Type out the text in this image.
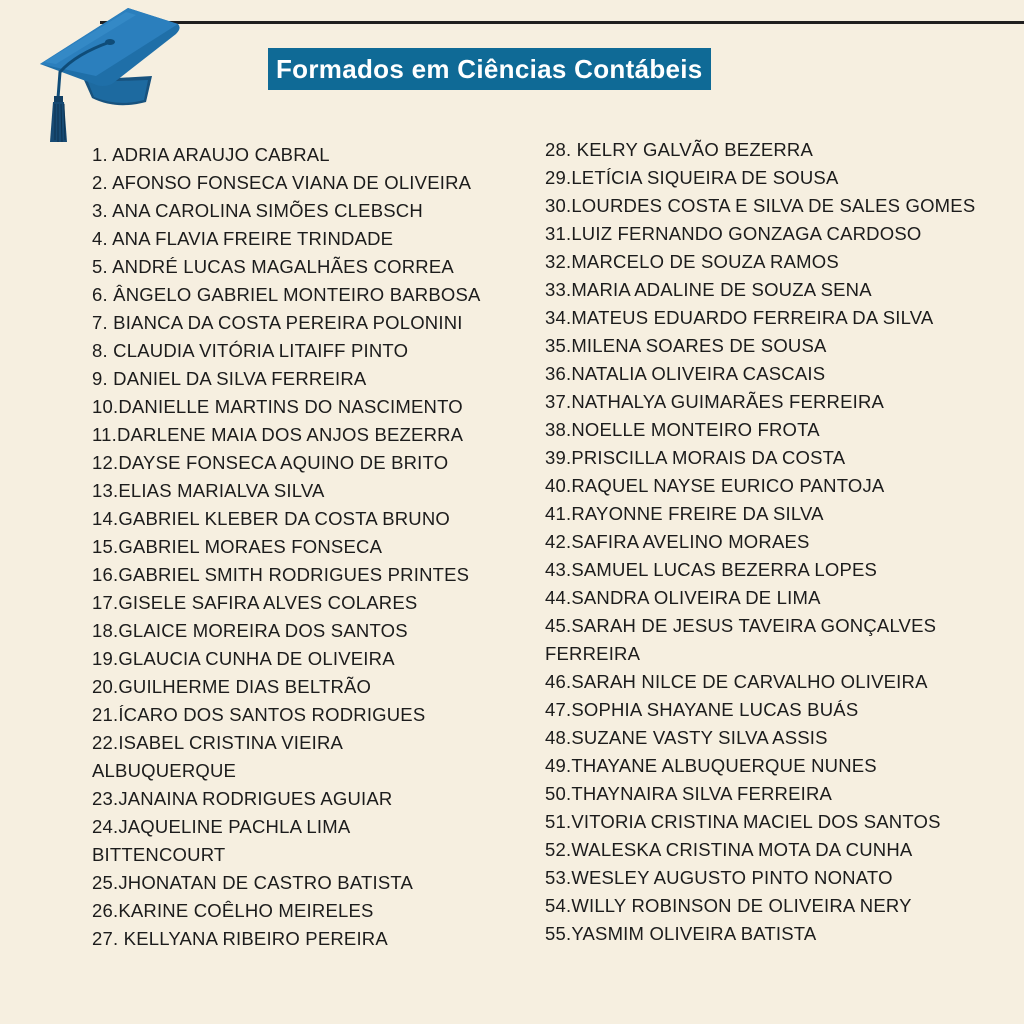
Formados em Ciências Contábeis
1. ADRIA ARAUJO CABRAL
2. AFONSO FONSECA VIANA DE OLIVEIRA
3. ANA CAROLINA SIMÕES CLEBSCH
4. ANA FLAVIA FREIRE TRINDADE
5. ANDRÉ LUCAS MAGALHÃES CORREA
6. ÂNGELO GABRIEL MONTEIRO BARBOSA
7. BIANCA DA COSTA PEREIRA POLONINI
8. CLAUDIA VITÓRIA LITAIFF PINTO
9. DANIEL DA SILVA FERREIRA
10.DANIELLE MARTINS DO NASCIMENTO
11.DARLENE MAIA DOS ANJOS BEZERRA
12.DAYSE FONSECA AQUINO DE BRITO
13.ELIAS MARIALVA SILVA
14.GABRIEL KLEBER DA COSTA BRUNO
15.GABRIEL MORAES FONSECA
16.GABRIEL SMITH RODRIGUES PRINTES
17.GISELE SAFIRA ALVES COLARES
18.GLAICE MOREIRA DOS SANTOS
19.GLAUCIA CUNHA DE OLIVEIRA
20.GUILHERME DIAS BELTRÃO
21.ÍCARO DOS SANTOS RODRIGUES
22.ISABEL CRISTINA VIEIRA
ALBUQUERQUE
23.JANAINA RODRIGUES AGUIAR
24.JAQUELINE PACHLA LIMA
BITTENCOURT
25.JHONATAN DE CASTRO BATISTA
26.KARINE COÊLHO MEIRELES
27. KELLYANA RIBEIRO PEREIRA
28. KELRY GALVÃO BEZERRA
29.LETÍCIA SIQUEIRA DE SOUSA
30.LOURDES COSTA E SILVA DE SALES GOMES
31.LUIZ FERNANDO GONZAGA CARDOSO
32.MARCELO DE SOUZA RAMOS
33.MARIA ADALINE DE SOUZA SENA
34.MATEUS EDUARDO FERREIRA DA SILVA
35.MILENA SOARES DE SOUSA
36.NATALIA OLIVEIRA CASCAIS
37.NATHALYA GUIMARÃES FERREIRA
38.NOELLE MONTEIRO FROTA
39.PRISCILLA MORAIS DA COSTA
40.RAQUEL NAYSE EURICO PANTOJA
41.RAYONNE FREIRE DA SILVA
42.SAFIRA AVELINO MORAES
43.SAMUEL LUCAS BEZERRA LOPES
44.SANDRA OLIVEIRA DE LIMA
45.SARAH DE JESUS TAVEIRA GONÇALVES
FERREIRA
46.SARAH NILCE DE CARVALHO OLIVEIRA
47.SOPHIA SHAYANE LUCAS BUÁS
48.SUZANE VASTY SILVA ASSIS
49.THAYANE ALBUQUERQUE NUNES
50.THAYNAIRA SILVA FERREIRA
51.VITORIA CRISTINA MACIEL DOS SANTOS
52.WALESKA CRISTINA MOTA DA CUNHA
53.WESLEY AUGUSTO PINTO NONATO
54.WILLY ROBINSON DE OLIVEIRA NERY
55.YASMIM OLIVEIRA BATISTA
